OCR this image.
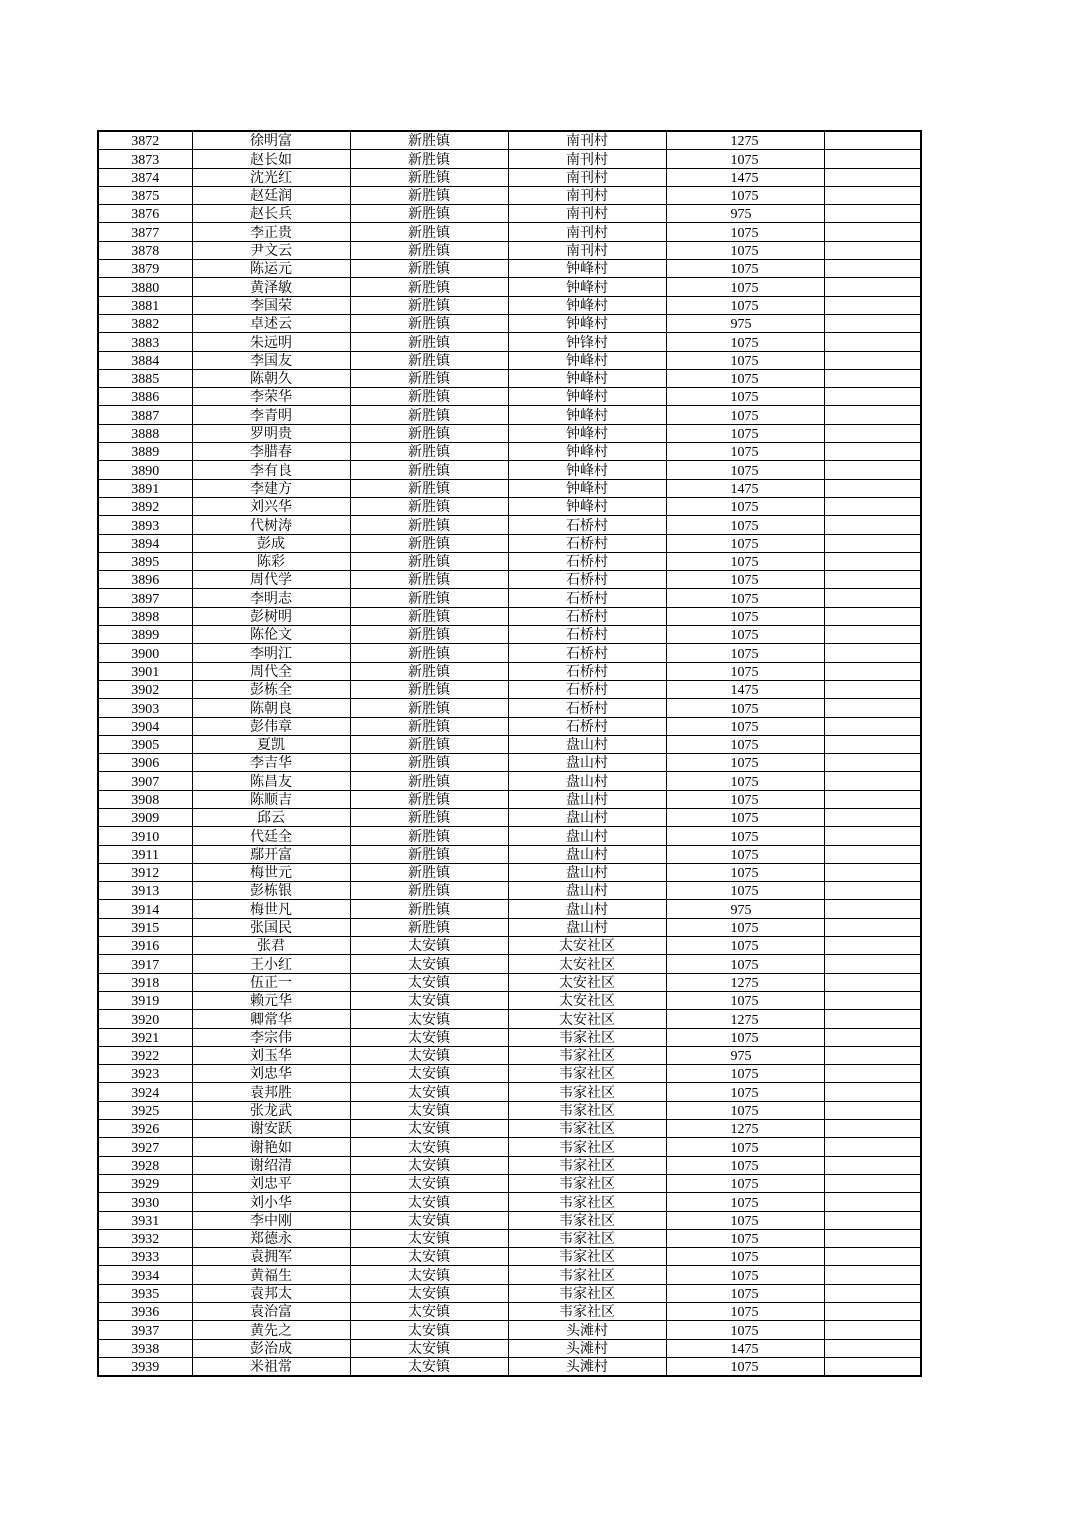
3872	徐明富	新胜镇	南刊村	1275	
3873	赵长如	新胜镇	南刊村	1075	
3874	沈光红	新胜镇	南刊村	1475	
3875	赵廷润	新胜镇	南刊村	1075	
3876	赵长兵	新胜镇	南刊村	975	
3877	李正贵	新胜镇	南刊村	1075	
3878	尹文云	新胜镇	南刊村	1075	
3879	陈运元	新胜镇	钟峰村	1075	
3880	黄泽敏	新胜镇	钟峰村	1075	
3881	李国荣	新胜镇	钟峰村	1075	
3882	卓述云	新胜镇	钟峰村	975	
3883	朱远明	新胜镇	钟锋村	1075	
3884	李国友	新胜镇	钟峰村	1075	
3885	陈朝久	新胜镇	钟峰村	1075	
3886	李荣华	新胜镇	钟峰村	1075	
3887	李青明	新胜镇	钟峰村	1075	
3888	罗明贵	新胜镇	钟峰村	1075	
3889	李腊春	新胜镇	钟峰村	1075	
3890	李有良	新胜镇	钟峰村	1075	
3891	李建方	新胜镇	钟峰村	1475	
3892	刘兴华	新胜镇	钟峰村	1075	
3893	代树涛	新胜镇	石桥村	1075	
3894	彭成	新胜镇	石桥村	1075	
3895	陈彩	新胜镇	石桥村	1075	
3896	周代学	新胜镇	石桥村	1075	
3897	李明志	新胜镇	石桥村	1075	
3898	彭树明	新胜镇	石桥村	1075	
3899	陈伦文	新胜镇	石桥村	1075	
3900	李明江	新胜镇	石桥村	1075	
3901	周代全	新胜镇	石桥村	1075	
3902	彭栋全	新胜镇	石桥村	1475	
3903	陈朝良	新胜镇	石桥村	1075	
3904	彭伟章	新胜镇	石桥村	1075	
3905	夏凯	新胜镇	盘山村	1075	
3906	李吉华	新胜镇	盘山村	1075	
3907	陈昌友	新胜镇	盘山村	1075	
3908	陈顺吉	新胜镇	盘山村	1075	
3909	邱云	新胜镇	盘山村	1075	
3910	代廷全	新胜镇	盘山村	1075	
3911	鄢开富	新胜镇	盘山村	1075	
3912	梅世元	新胜镇	盘山村	1075	
3913	彭栋银	新胜镇	盘山村	1075	
3914	梅世凡	新胜镇	盘山村	975	
3915	张国民	新胜镇	盘山村	1075	
3916	张君	太安镇	太安社区	1075	
3917	王小红	太安镇	太安社区	1075	
3918	伍正一	太安镇	太安社区	1275	
3919	赖元华	太安镇	太安社区	1075	
3920	卿常华	太安镇	太安社区	1275	
3921	李宗伟	太安镇	韦家社区	1075	
3922	刘玉华	太安镇	韦家社区	975	
3923	刘忠华	太安镇	韦家社区	1075	
3924	袁邦胜	太安镇	韦家社区	1075	
3925	张龙武	太安镇	韦家社区	1075	
3926	谢安跃	太安镇	韦家社区	1275	
3927	谢艳如	太安镇	韦家社区	1075	
3928	谢绍清	太安镇	韦家社区	1075	
3929	刘忠平	太安镇	韦家社区	1075	
3930	刘小华	太安镇	韦家社区	1075	
3931	李中刚	太安镇	韦家社区	1075	
3932	郑德永	太安镇	韦家社区	1075	
3933	袁拥军	太安镇	韦家社区	1075	
3934	黄福生	太安镇	韦家社区	1075	
3935	袁邦太	太安镇	韦家社区	1075	
3936	袁治富	太安镇	韦家社区	1075	
3937	黄先之	太安镇	头滩村	1075	
3938	彭治成	太安镇	头滩村	1475	
3939	米祖常	太安镇	头滩村	1075	
